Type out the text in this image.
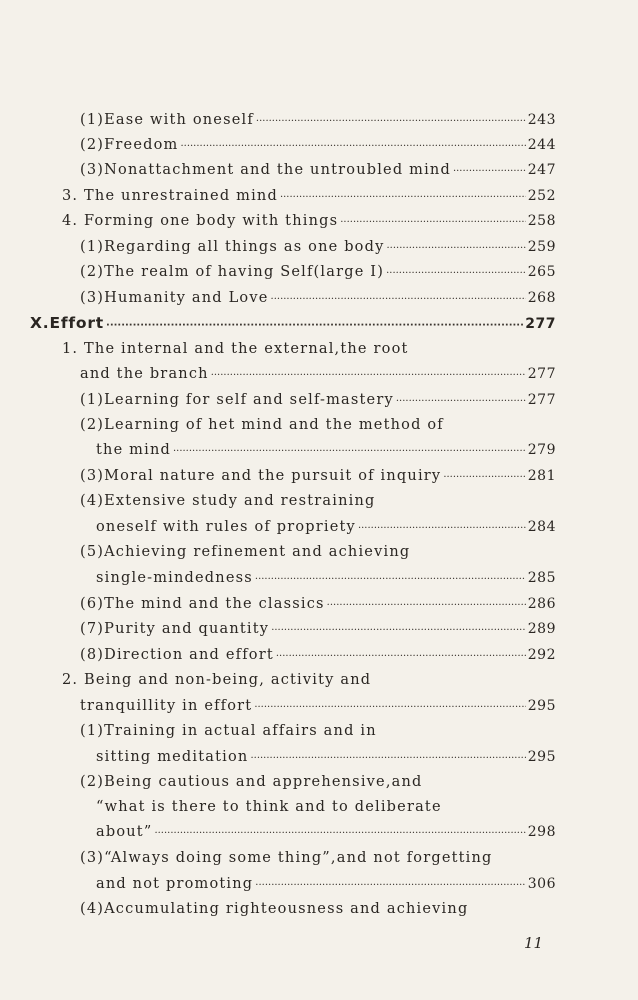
(1)Ease with oneself ·····	243
(2)Freedom ·····	244
(3)Nonattachment and the untroubled mind ·····	247
3. The unrestrained mind ·····	252
4. Forming one body with things ·····	258
(1)Regarding all things as one body ·····	259
(2)The realm of having Self(large I) ·····	265
(3)Humanity and Love ·····	268
X.Effort ·····	277
1. The internal and the external,the root
and the branch ·····	277
(1)Learning for self and self-mastery ·····	277
(2)Learning of het mind and the method of
the mind ·····	279
(3)Moral nature and the pursuit of inquiry ·····	281
(4)Extensive study and restraining
oneself with rules of propriety ·····	284
(5)Achieving refinement and achieving
single-mindedness ·····	285
(6)The mind and the classics ·····	286
(7)Purity and quantity ·····	289
(8)Direction and effort ·····	292
2. Being and non-being, activity and
tranquillity in effort ·····	295
(1)Training in actual affairs and in
sitting meditation ·····	295
(2)Being cautious and apprehensive,and
“what is there to think and to deliberate
about” ·····	298
(3)“Always doing some thing”,and not forgetting
and not promoting ·····	306
(4)Accumulating righteousness and achieving
11
